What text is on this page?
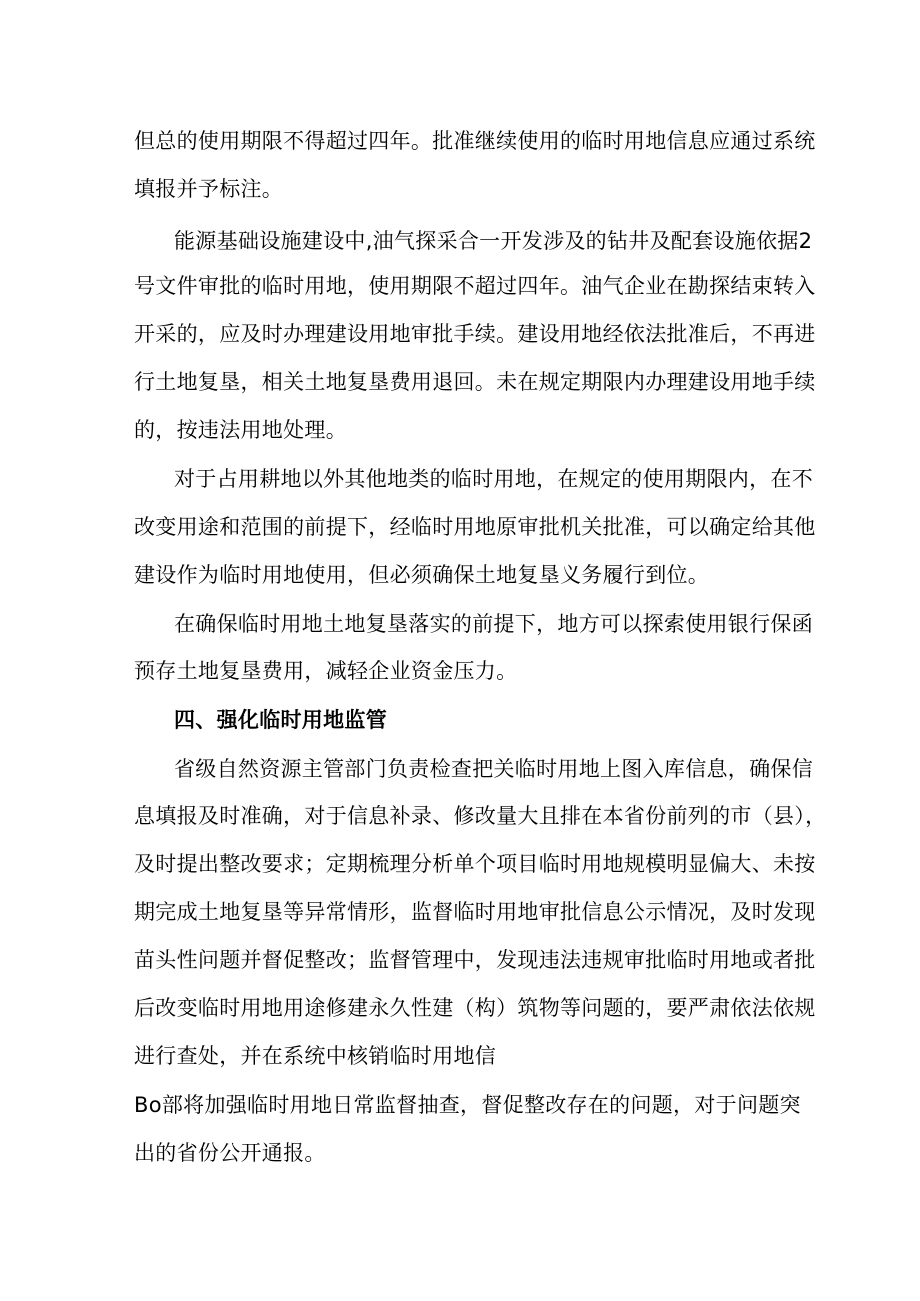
但总的使用期限不得超过四年。批准继续使用的临时用地信息应通过系统
填报并予标注。
能源基础设施建设中,油气探采合一开发涉及的钻井及配套设施依据2
号文件审批的临时用地，使用期限不超过四年。油气企业在勘探结束转入
开采的，应及时办理建设用地审批手续。建设用地经依法批准后，不再进
行土地复垦，相关土地复垦费用退回。未在规定期限内办理建设用地手续
的，按违法用地处理。
对于占用耕地以外其他地类的临时用地，在规定的使用期限内，在不
改变用途和范围的前提下，经临时用地原审批机关批准，可以确定给其他
建设作为临时用地使用，但必须确保土地复垦义务履行到位。
在确保临时用地土地复垦落实的前提下，地方可以探索使用银行保函
预存土地复垦费用，减轻企业资金压力。
四、强化临时用地监管
省级自然资源主管部门负责检查把关临时用地上图入库信息，确保信
息填报及时准确，对于信息补录、修改量大且排在本省份前列的市（县），
及时提出整改要求；定期梳理分析单个项目临时用地规模明显偏大、未按
期完成土地复垦等异常情形，监督临时用地审批信息公示情况，及时发现
苗头性问题并督促整改；监督管理中，发现违法违规审批临时用地或者批
后改变临时用地用途修建永久性建（构）筑物等问题的，要严肃依法依规
进行查处，并在系统中核销临时用地信
Bo部将加强临时用地日常监督抽查，督促整改存在的问题，对于问题突
出的省份公开通报。
